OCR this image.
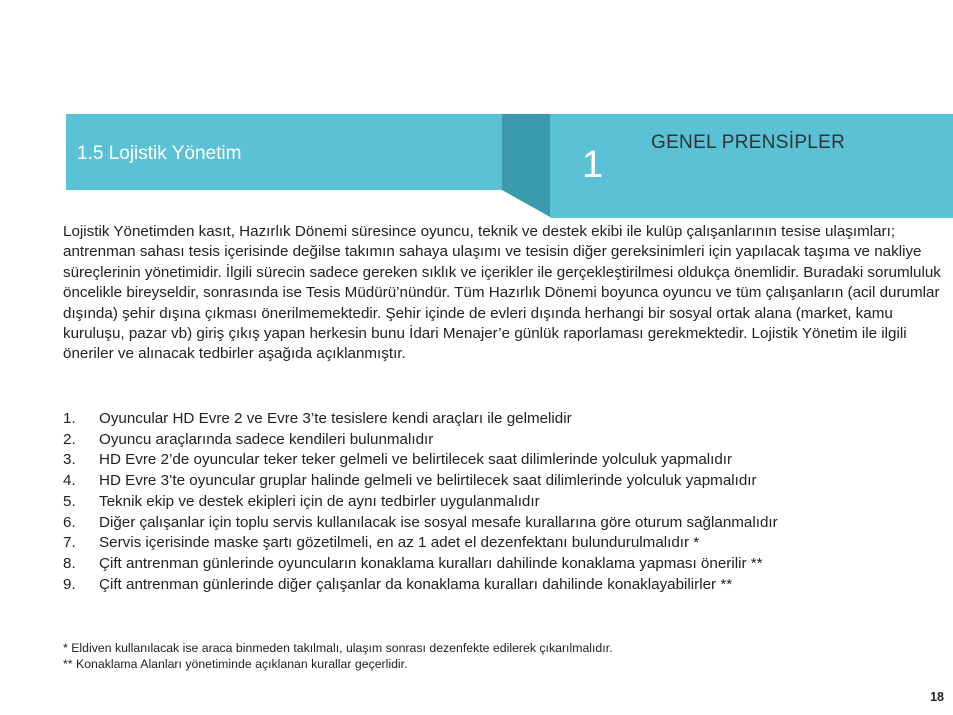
1.5 Lojistik Yönetim	1
GENEL PRENSİPLER

Lojistik Yönetimden kasıt, Hazırlık Dönemi süresince oyuncu, teknik ve destek ekibi ile kulüp çalışanlarının tesise ulaşımları; antrenman sahası tesis içerisinde değilse takımın sahaya ulaşımı ve tesisin diğer gereksinimleri için yapılacak taşıma ve nakliye süreçlerinin yönetimidir. İlgili sürecin sadece gereken sıklık ve içerikler ile gerçekleştirilmesi oldukça önemlidir. Buradaki sorumluluk öncelikle bireyseldir, sonrasında ise Tesis Müdürü’nündür. Tüm Hazırlık Dönemi boyunca oyuncu ve tüm çalışanların (acil durumlar dışında) şehir dışına çıkması önerilmemektedir. Şehir içinde de evleri dışında herhangi bir sosyal ortak alana (market, kamu kuruluşu, pazar vb) giriş çıkış yapan herkesin bunu İdari Menajer’e günlük raporlaması gerekmektedir. Lojistik Yönetim ile ilgili öneriler ve alınacak tedbirler aşağıda açıklanmıştır.

1.	Oyuncular HD Evre 2 ve Evre 3’te tesislere kendi araçları ile gelmelidir
2.	Oyuncu araçlarında sadece kendileri bulunmalıdır
3.	HD Evre 2’de oyuncular teker teker gelmeli ve belirtilecek saat dilimlerinde yolculuk yapmalıdır
4.	HD Evre 3’te oyuncular gruplar halinde gelmeli ve belirtilecek saat dilimlerinde yolculuk yapmalıdır
5.	Teknik ekip ve destek ekipleri için de aynı tedbirler uygulanmalıdır
6.	Diğer çalışanlar için toplu servis kullanılacak ise sosyal mesafe kurallarına göre oturum sağlanmalıdır
7.	Servis içerisinde maske şartı gözetilmeli, en az 1 adet el dezenfektanı bulundurulmalıdır *
8.	Çift antrenman günlerinde oyuncuların konaklama kuralları dahilinde konaklama yapması önerilir **
9.	Çift antrenman günlerinde diğer çalışanlar da konaklama kuralları dahilinde konaklayabilirler **
* Eldiven kullanılacak ise araca binmeden takılmalı, ulaşım sonrası dezenfekte edilerek çıkarılmalıdır.
** Konaklama Alanları yönetiminde açıklanan kurallar geçerlidir.
18
